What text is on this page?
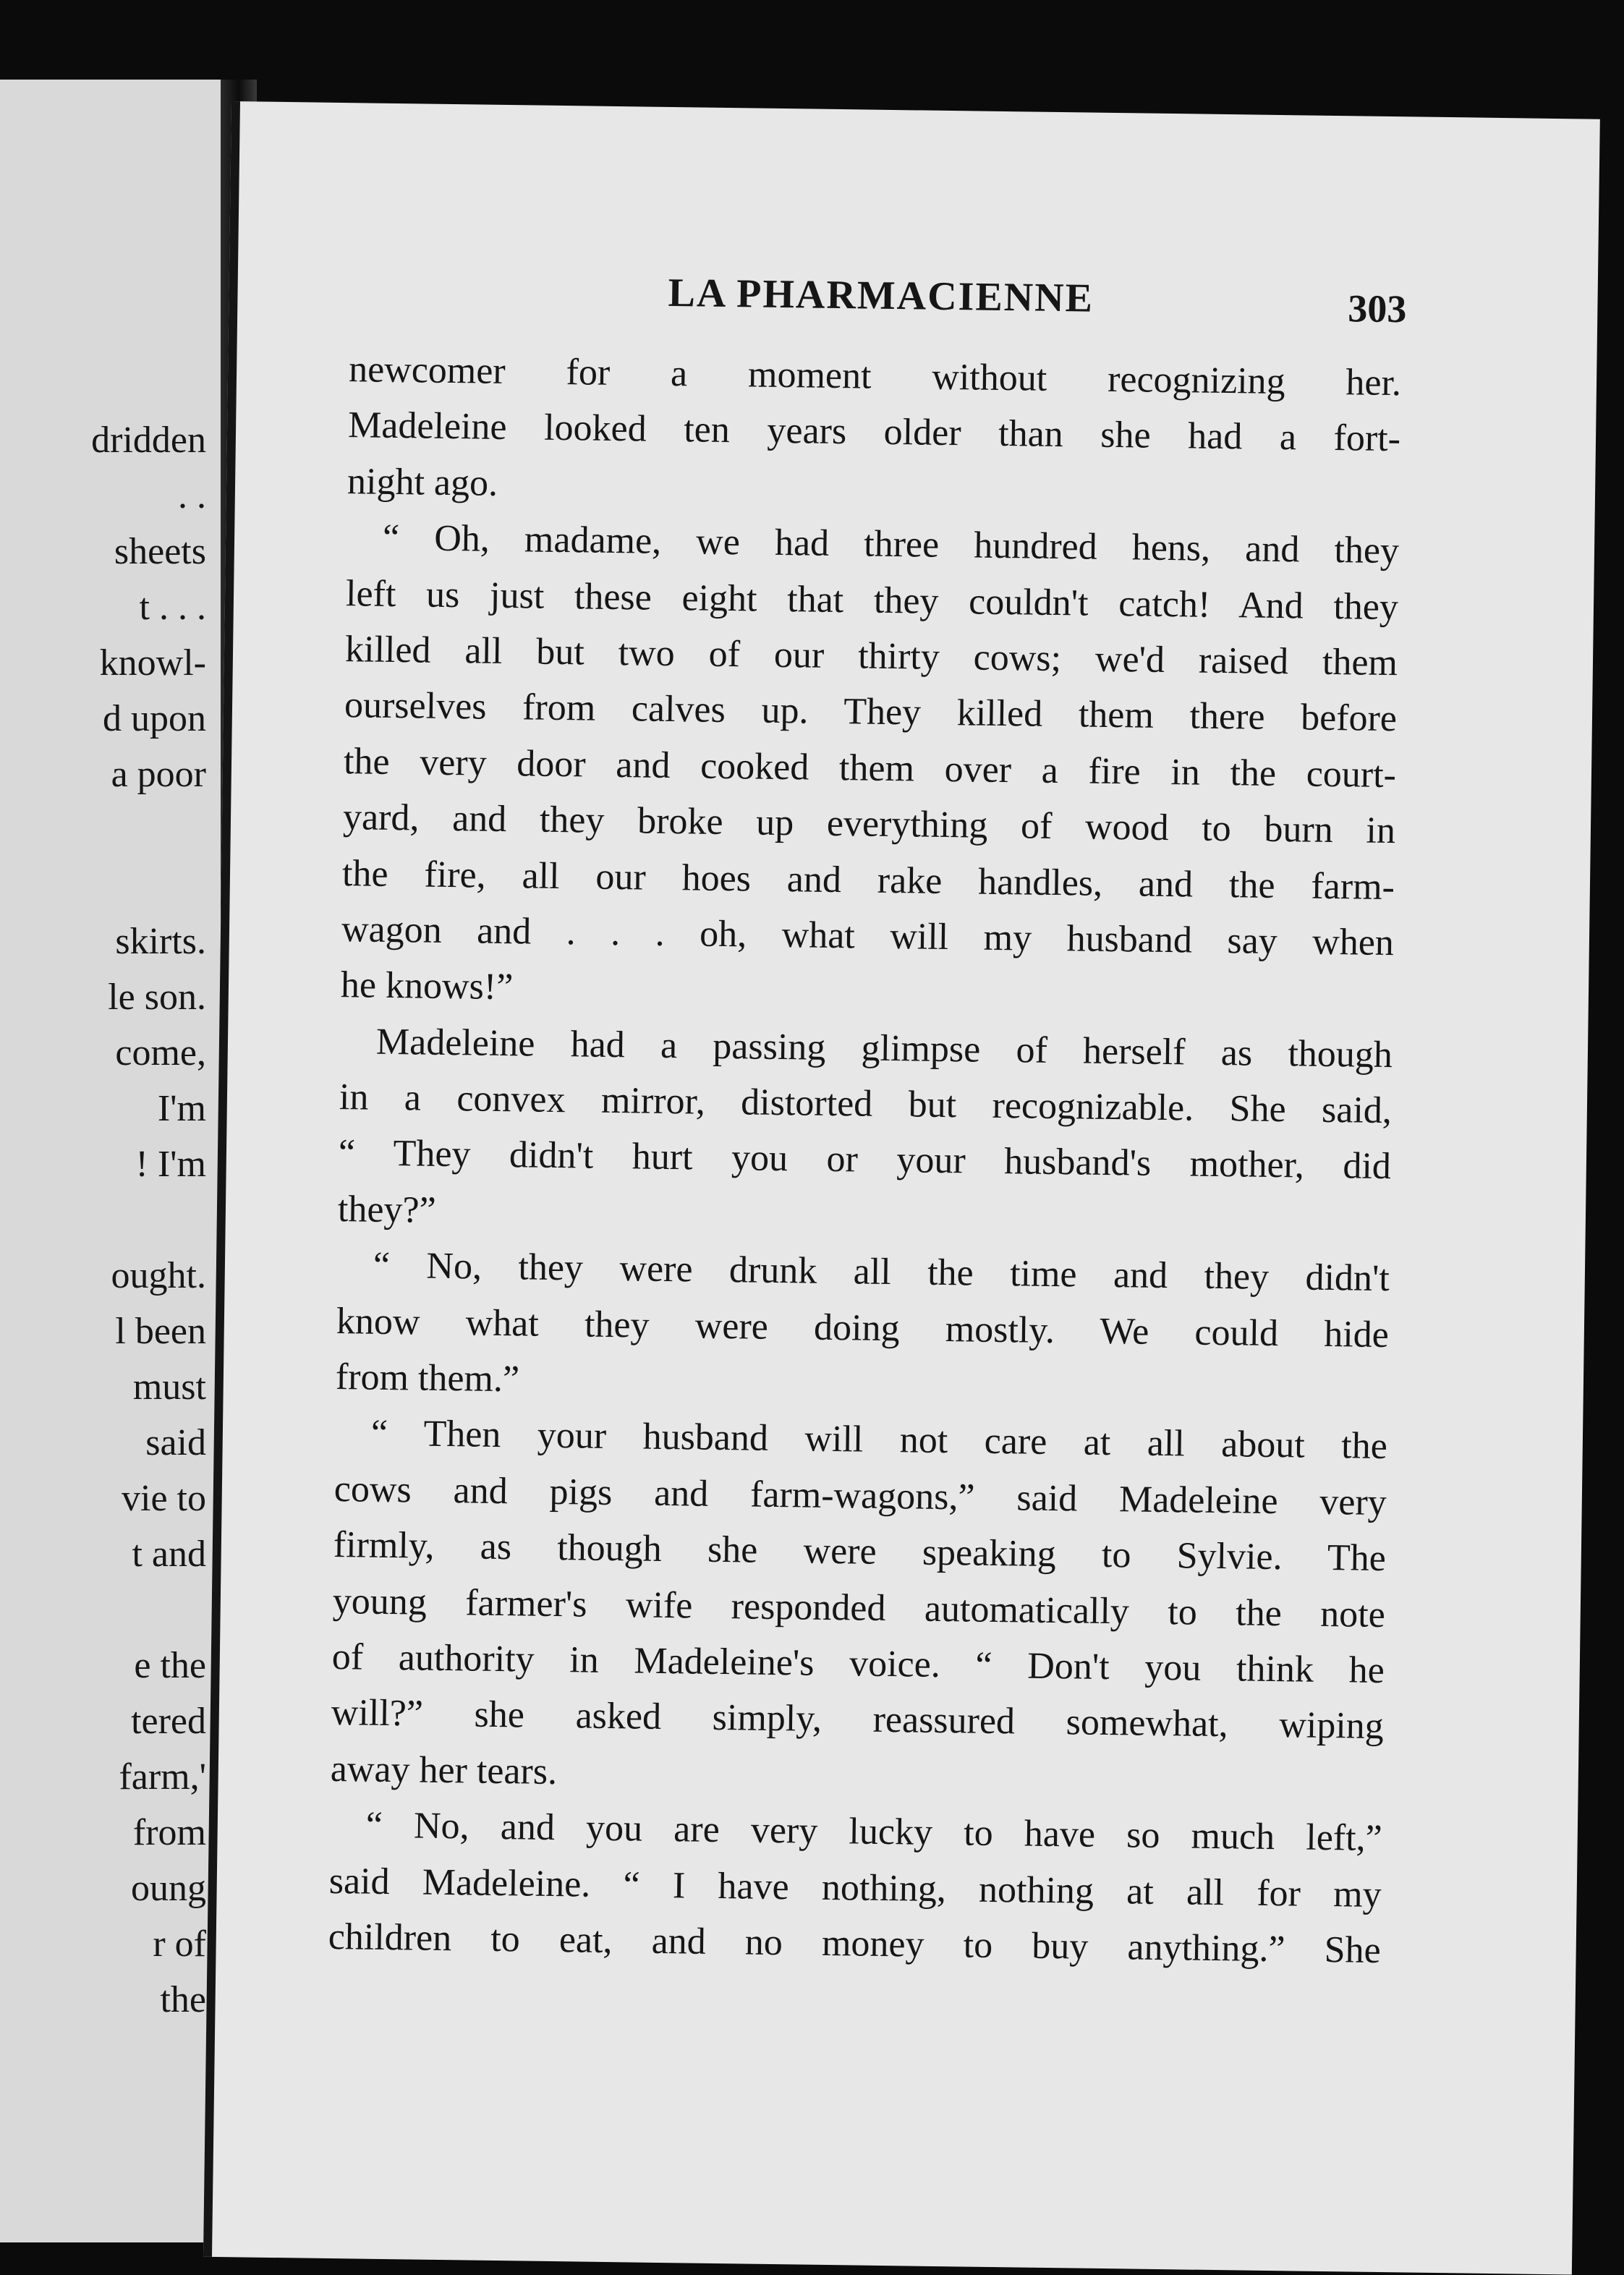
dridden
. .
sheets
t . . .
knowl-
d upon
a poor
skirts.
le son.
come,
I'm
! I'm
ought.
l been
must
said
vie to
t and
e the
tered
farm,'
from
oung
r of
the
LA PHARMACIENNE	303
newcomer for a moment without recognizing her.
Madeleine looked ten years older than she had a fort-
night ago.
“ Oh, madame, we had three hundred hens, and they
left us just these eight that they couldn't catch! And they
killed all but two of our thirty cows; we'd raised them
ourselves from calves up. They killed them there before
the very door and cooked them over a fire in the court-
yard, and they broke up everything of wood to burn in
the fire, all our hoes and rake handles, and the farm-
wagon and . . . oh, what will my husband say when
he knows!”
Madeleine had a passing glimpse of herself as though
in a convex mirror, distorted but recognizable. She said,
“ They didn't hurt you or your husband's mother, did
they?”
“ No, they were drunk all the time and they didn't
know what they were doing mostly. We could hide
from them.”
“ Then your husband will not care at all about the
cows and pigs and farm-wagons,” said Madeleine very
firmly, as though she were speaking to Sylvie. The
young farmer's wife responded automatically to the note
of authority in Madeleine's voice. “ Don't you think he
will?” she asked simply, reassured somewhat, wiping
away her tears.
“ No, and you are very lucky to have so much left,”
said Madeleine. “ I have nothing, nothing at all for my
children to eat, and no money to buy anything.” She
